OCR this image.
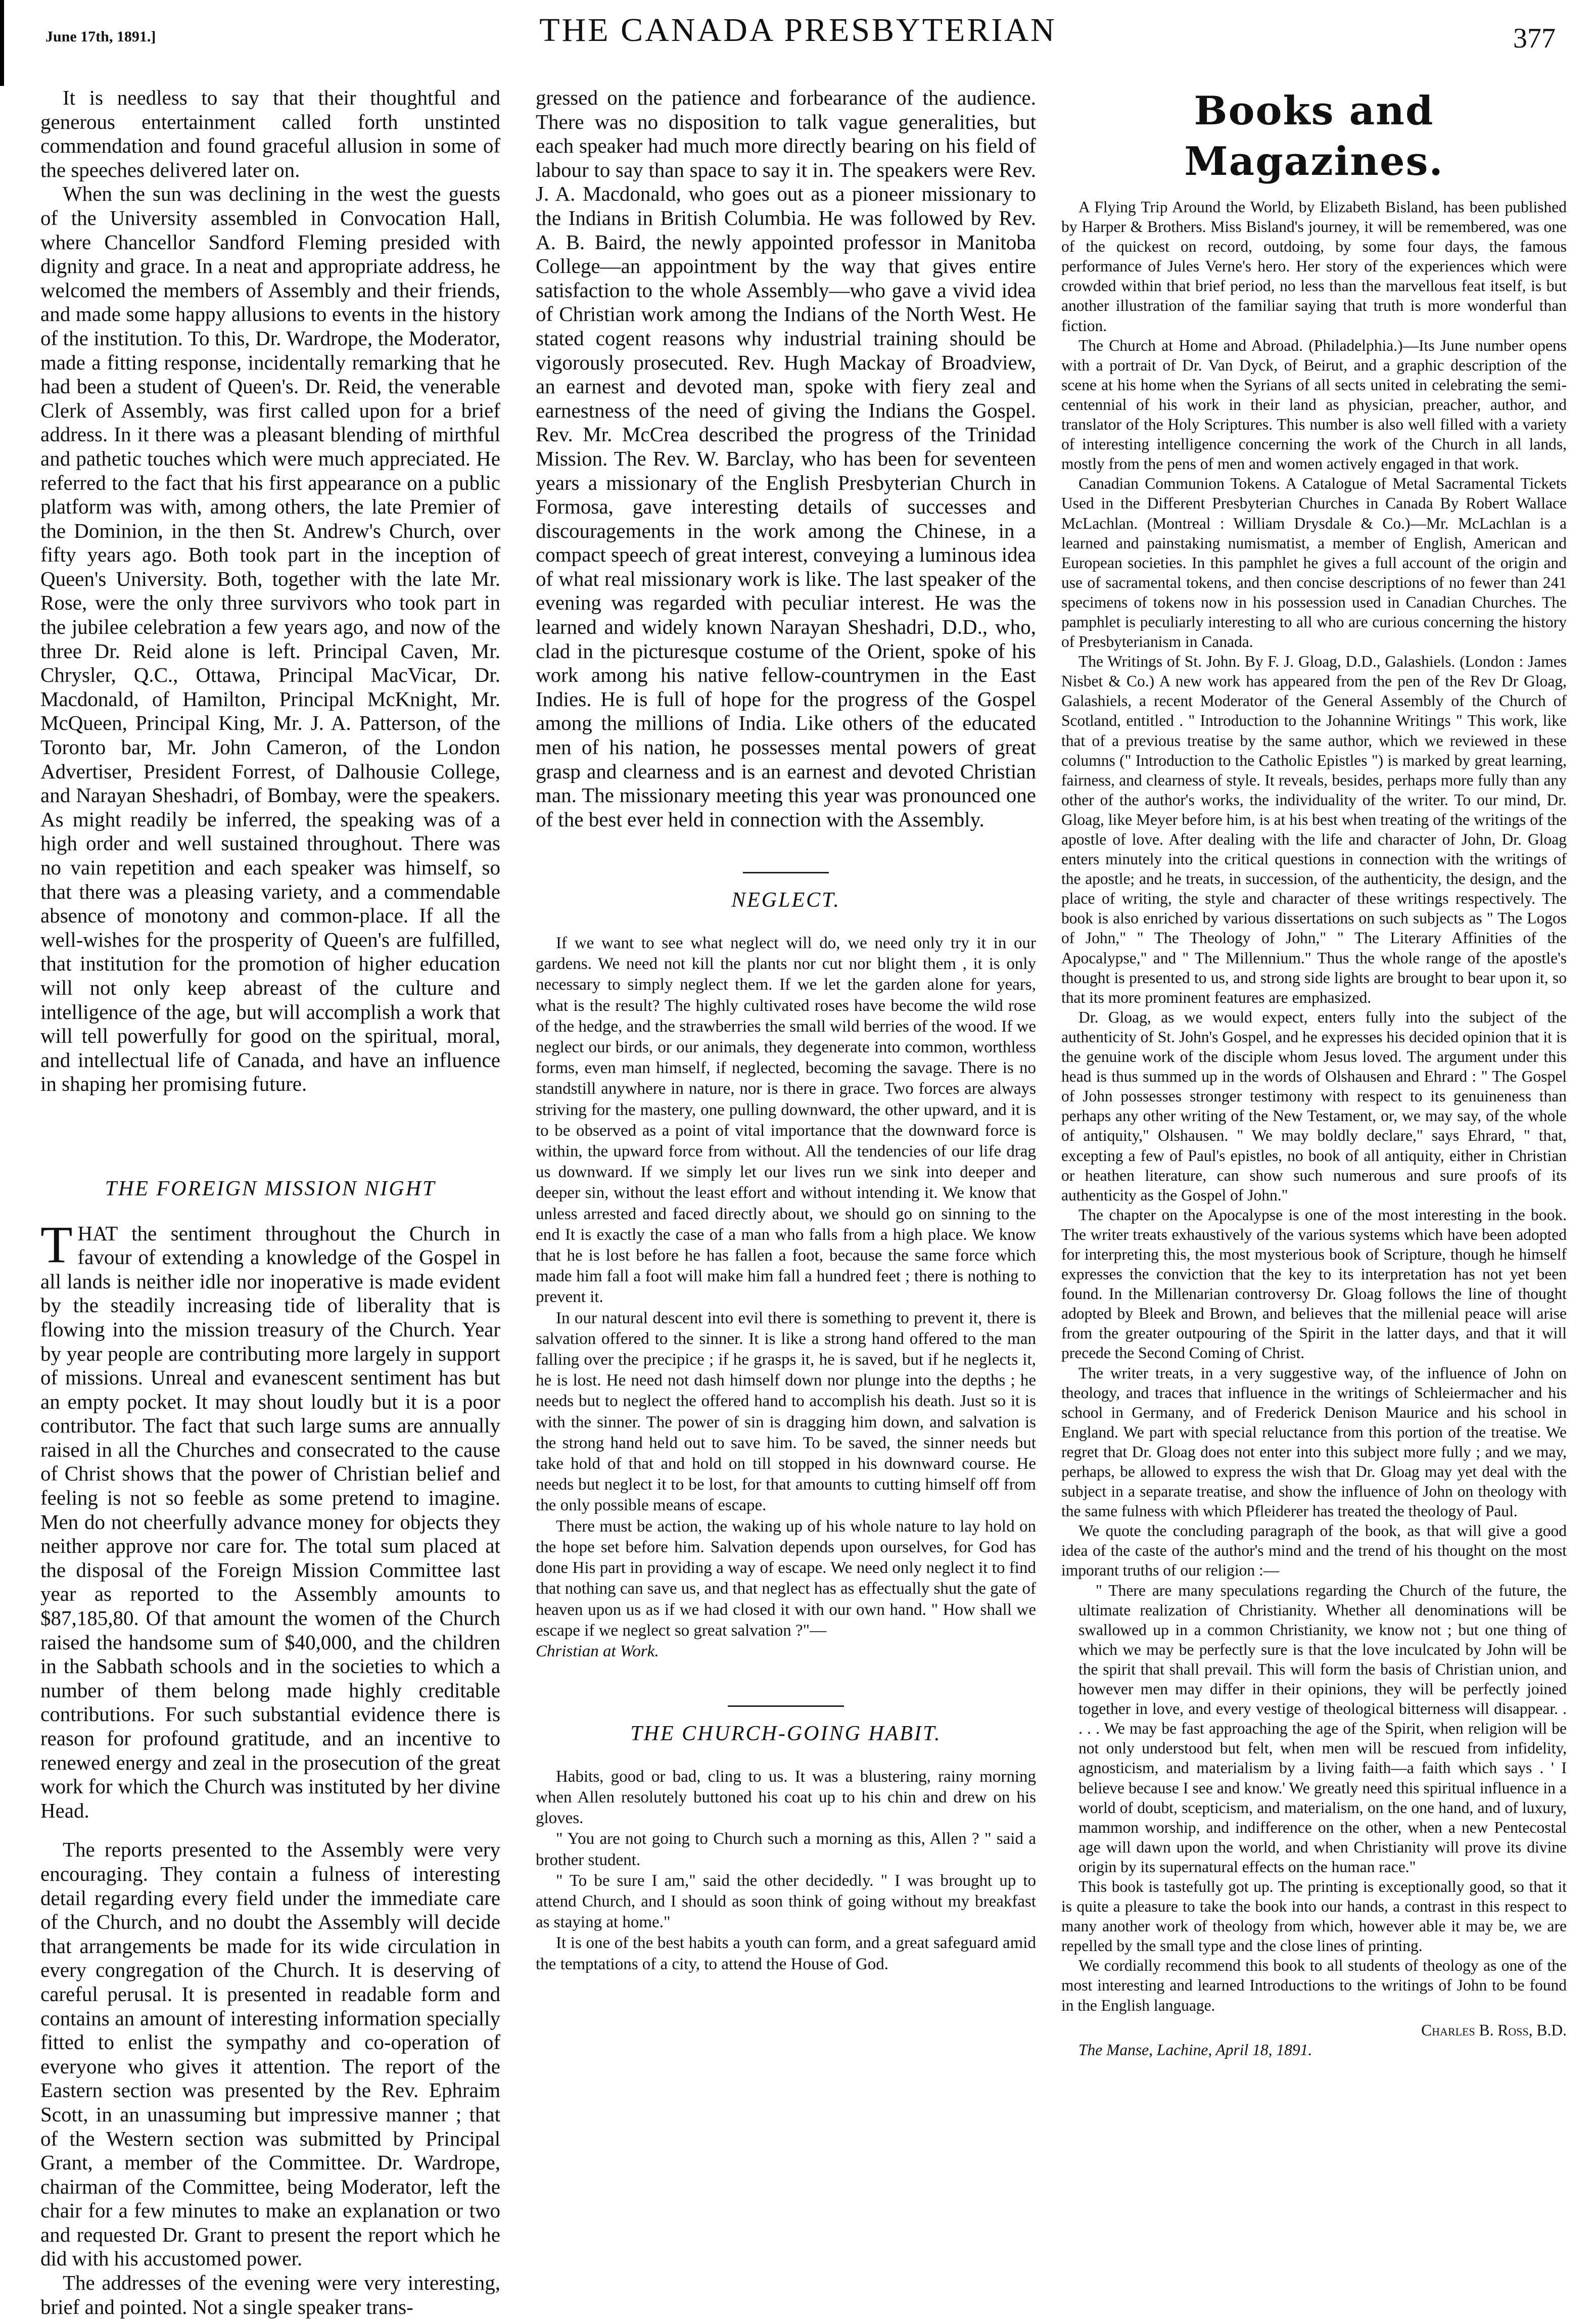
June 17th, 1891.]	THE CANADA PRESBYTERIAN	377

It is needless to say that their thoughtful and generous entertainment called forth unstinted commendation and found graceful allusion in some of the speeches delivered later on.

When the sun was declining in the west the guests of the University assembled in Convocation Hall, where Chancellor Sandford Fleming presided with dignity and grace. In a neat and appropriate address, he welcomed the members of Assembly and their friends, and made some happy allusions to events in the history of the institution. To this, Dr. Wardrope, the Moderator, made a fitting response, incidentally remarking that he had been a student of Queen's. Dr. Reid, the venerable Clerk of Assembly, was first called upon for a brief address. In it there was a pleasant blending of mirthful and pathetic touches which were much appreciated. He referred to the fact that his first appearance on a public platform was with, among others, the late Premier of the Dominion, in the then St. Andrew's Church, over fifty years ago. Both took part in the inception of Queen's University. Both, together with the late Mr. Rose, were the only three survivors who took part in the jubilee celebration a few years ago, and now of the three Dr. Reid alone is left. Principal Caven, Mr. Chrysler, Q.C., Ottawa, Principal MacVicar, Dr. Macdonald, of Hamilton, Principal McKnight, Mr. McQueen, Principal King, Mr. J. A. Patterson, of the Toronto bar, Mr. John Cameron, of the London Advertiser, President Forrest, of Dalhousie College, and Narayan Sheshadri, of Bombay, were the speakers. As might readily be inferred, the speaking was of a high order and well sustained throughout. There was no vain repetition and each speaker was himself, so that there was a pleasing variety, and a commendable absence of monotony and common-place. If all the well-wishes for the prosperity of Queen's are fulfilled, that institution for the promotion of higher education will not only keep abreast of the culture and intelligence of the age, but will accomplish a work that will tell powerfully for good on the spiritual, moral, and intellectual life of Canada, and have an influence in shaping her promising future.

THE FOREIGN MISSION NIGHT

THAT the sentiment throughout the Church in favour of extending a knowledge of the Gospel in all lands is neither idle nor inoperative is made evident by the steadily increasing tide of liberality that is flowing into the mission treasury of the Church. Year by year people are contributing more largely in support of missions. Unreal and evanescent sentiment has but an empty pocket. It may shout loudly but it is a poor contributor. The fact that such large sums are annually raised in all the Churches and consecrated to the cause of Christ shows that the power of Christian belief and feeling is not so feeble as some pretend to imagine. Men do not cheerfully advance money for objects they neither approve nor care for. The total sum placed at the disposal of the Foreign Mission Committee last year as reported to the Assembly amounts to $87,185,80. Of that amount the women of the Church raised the handsome sum of $40,000, and the children in the Sabbath schools and in the societies to which a number of them belong made highly creditable contributions. For such substantial evidence there is reason for profound gratitude, and an incentive to renewed energy and zeal in the prosecution of the great work for which the Church was instituted by her divine Head.

The reports presented to the Assembly were very encouraging. They contain a fulness of interesting detail regarding every field under the immediate care of the Church, and no doubt the Assembly will decide that arrangements be made for its wide circulation in every congregation of the Church. It is deserving of careful perusal. It is presented in readable form and contains an amount of interesting information specially fitted to enlist the sympathy and co-operation of everyone who gives it attention. The report of the Eastern section was presented by the Rev. Ephraim Scott, in an unassuming but impressive manner ; that of the Western section was submitted by Principal Grant, a member of the Committee. Dr. Wardrope, chairman of the Committee, being Moderator, left the chair for a few minutes to make an explanation or two and requested Dr. Grant to present the report which he did with his accustomed power.

The addresses of the evening were very interesting, brief and pointed. Not a single speaker trans-

gressed on the patience and forbearance of the audience. There was no disposition to talk vague generalities, but each speaker had much more directly bearing on his field of labour to say than space to say it in. The speakers were Rev. J. A. Macdonald, who goes out as a pioneer missionary to the Indians in British Columbia. He was followed by Rev. A. B. Baird, the newly appointed professor in Manitoba College—an appointment by the way that gives entire satisfaction to the whole Assembly—who gave a vivid idea of Christian work among the Indians of the North West. He stated cogent reasons why industrial training should be vigorously prosecuted. Rev. Hugh Mackay of Broadview, an earnest and devoted man, spoke with fiery zeal and earnestness of the need of giving the Indians the Gospel. Rev. Mr. McCrea described the progress of the Trinidad Mission. The Rev. W. Barclay, who has been for seventeen years a missionary of the English Presbyterian Church in Formosa, gave interesting details of successes and discouragements in the work among the Chinese, in a compact speech of great interest, conveying a luminous idea of what real missionary work is like. The last speaker of the evening was regarded with peculiar interest. He was the learned and widely known Narayan Sheshadri, D.D., who, clad in the picturesque costume of the Orient, spoke of his work among his native fellow-countrymen in the East Indies. He is full of hope for the progress of the Gospel among the millions of India. Like others of the educated men of his nation, he possesses mental powers of great grasp and clearness and is an earnest and devoted Christian man. The missionary meeting this year was pronounced one of the best ever held in connection with the Assembly.

NEGLECT.

If we want to see what neglect will do, we need only try it in our gardens. We need not kill the plants nor cut nor blight them , it is only necessary to simply neglect them. If we let the garden alone for years, what is the result? The highly cultivated roses have become the wild rose of the hedge, and the strawberries the small wild berries of the wood. If we neglect our birds, or our animals, they degenerate into common, worthless forms, even man himself, if neglected, becoming the savage. There is no standstill anywhere in nature, nor is there in grace. Two forces are always striving for the mastery, one pulling downward, the other upward, and it is to be observed as a point of vital importance that the downward force is within, the upward force from without. All the tendencies of our life drag us downward. If we simply let our lives run we sink into deeper and deeper sin, without the least effort and without intending it. We know that unless arrested and faced directly about, we should go on sinning to the end It is exactly the case of a man who falls from a high place. We know that he is lost before he has fallen a foot, because the same force which made him fall a foot will make him fall a hundred feet ; there is nothing to prevent it.

In our natural descent into evil there is something to prevent it, there is salvation offered to the sinner. It is like a strong hand offered to the man falling over the precipice ; if he grasps it, he is saved, but if he neglects it, he is lost. He need not dash himself down nor plunge into the depths ; he needs but to neglect the offered hand to accomplish his death. Just so it is with the sinner. The power of sin is dragging him down, and salvation is the strong hand held out to save him. To be saved, the sinner needs but take hold of that and hold on till stopped in his downward course. He needs but neglect it to be lost, for that amounts to cutting himself off from the only possible means of escape.

There must be action, the waking up of his whole nature to lay hold on the hope set before him. Salvation depends upon ourselves, for God has done His part in providing a way of escape. We need only neglect it to find that nothing can save us, and that neglect has as effectually shut the gate of heaven upon us as if we had closed it with our own hand. " How shall we escape if we neglect so great salvation ?"—

Christian at Work.

THE CHURCH-GOING HABIT.

Habits, good or bad, cling to us. It was a blustering, rainy morning when Allen resolutely buttoned his coat up to his chin and drew on his gloves.

" You are not going to Church such a morning as this, Allen ? " said a brother student.

" To be sure I am," said the other decidedly. " I was brought up to attend Church, and I should as soon think of going without my breakfast as staying at home."

It is one of the best habits a youth can form, and a great safeguard amid the temptations of a city, to attend the House of God.

Books and Magazines.

A Flying Trip Around the World, by Elizabeth Bisland, has been published by Harper & Brothers. Miss Bisland's journey, it will be remembered, was one of the quickest on record, outdoing, by some four days, the famous performance of Jules Verne's hero. Her story of the experiences which were crowded within that brief period, no less than the marvellous feat itself, is but another illustration of the familiar saying that truth is more wonderful than fiction.

The Church at Home and Abroad. (Philadelphia.)—Its June number opens with a portrait of Dr. Van Dyck, of Beirut, and a graphic description of the scene at his home when the Syrians of all sects united in celebrating the semi-centennial of his work in their land as physician, preacher, author, and translator of the Holy Scriptures. This number is also well filled with a variety of interesting intelligence concerning the work of the Church in all lands, mostly from the pens of men and women actively engaged in that work.

Canadian Communion Tokens. A Catalogue of Metal Sacramental Tickets Used in the Different Presbyterian Churches in Canada By Robert Wallace McLachlan. (Montreal : William Drysdale & Co.)—Mr. McLachlan is a learned and painstaking numismatist, a member of English, American and European societies. In this pamphlet he gives a full account of the origin and use of sacramental tokens, and then concise descriptions of no fewer than 241 specimens of tokens now in his possession used in Canadian Churches. The pamphlet is peculiarly interesting to all who are curious concerning the history of Presbyterianism in Canada.

The Writings of St. John. By F. J. Gloag, D.D., Galashiels. (London : James Nisbet & Co.) A new work has appeared from the pen of the Rev Dr Gloag, Galashiels, a recent Moderator of the General Assembly of the Church of Scotland, entitled . " Introduction to the Johannine Writings " This work, like that of a previous treatise by the same author, which we reviewed in these columns (" Introduction to the Catholic Epistles ") is marked by great learning, fairness, and clearness of style. It reveals, besides, perhaps more fully than any other of the author's works, the individuality of the writer. To our mind, Dr. Gloag, like Meyer before him, is at his best when treating of the writings of the apostle of love. After dealing with the life and character of John, Dr. Gloag enters minutely into the critical questions in connection with the writings of the apostle; and he treats, in succession, of the authenticity, the design, and the place of writing, the style and character of these writings respectively. The book is also enriched by various dissertations on such subjects as " The Logos of John," " The Theology of John," " The Literary Affinities of the Apocalypse," and " The Millennium." Thus the whole range of the apostle's thought is presented to us, and strong side lights are brought to bear upon it, so that its more prominent features are emphasized.

Dr. Gloag, as we would expect, enters fully into the subject of the authenticity of St. John's Gospel, and he expresses his decided opinion that it is the genuine work of the disciple whom Jesus loved. The argument under this head is thus summed up in the words of Olshausen and Ehrard : " The Gospel of John possesses stronger testimony with respect to its genuineness than perhaps any other writing of the New Testament, or, we may say, of the whole of antiquity," Olshausen. " We may boldly declare," says Ehrard, " that, excepting a few of Paul's epistles, no book of all antiquity, either in Christian or heathen literature, can show such numerous and sure proofs of its authenticity as the Gospel of John."

The chapter on the Apocalypse is one of the most interesting in the book. The writer treats exhaustively of the various systems which have been adopted for interpreting this, the most mysterious book of Scripture, though he himself expresses the conviction that the key to its interpretation has not yet been found. In the Millenarian controversy Dr. Gloag follows the line of thought adopted by Bleek and Brown, and believes that the millenial peace will arise from the greater outpouring of the Spirit in the latter days, and that it will precede the Second Coming of Christ.

The writer treats, in a very suggestive way, of the influence of John on theology, and traces that influence in the writings of Schleiermacher and his school in Germany, and of Frederick Denison Maurice and his school in England. We part with special reluctance from this portion of the treatise. We regret that Dr. Gloag does not enter into this subject more fully ; and we may, perhaps, be allowed to express the wish that Dr. Gloag may yet deal with the subject in a separate treatise, and show the influence of John on theology with the same fulness with which Pfleiderer has treated the theology of Paul.

We quote the concluding paragraph of the book, as that will give a good idea of the caste of the author's mind and the trend of his thought on the most imporant truths of our religion :—

" There are many speculations regarding the Church of the future, the ultimate realization of Christianity. Whether all denominations will be swallowed up in a common Christianity, we know not ; but one thing of which we may be perfectly sure is that the love inculcated by John will be the spirit that shall prevail. This will form the basis of Christian union, and however men may differ in their opinions, they will be perfectly joined together in love, and every vestige of theological bitterness will disappear. . . . . We may be fast approaching the age of the Spirit, when religion will be not only understood but felt, when men will be rescued from infidelity, agnosticism, and materialism by a living faith—a faith which says . ' I believe because I see and know.' We greatly need this spiritual influence in a world of doubt, scepticism, and materialism, on the one hand, and of luxury, mammon worship, and indifference on the other, when a new Pentecostal age will dawn upon the world, and when Christianity will prove its divine origin by its supernatural effects on the human race."

This book is tastefully got up. The printing is exceptionally good, so that it is quite a pleasure to take the book into our hands, a contrast in this respect to many another work of theology from which, however able it may be, we are repelled by the small type and the close lines of printing.

We cordially recommend this book to all students of theology as one of the most interesting and learned Introductions to the writings of John to be found in the English language.

Charles B. Ross, B.D.

The Manse, Lachine, April 18, 1891.
